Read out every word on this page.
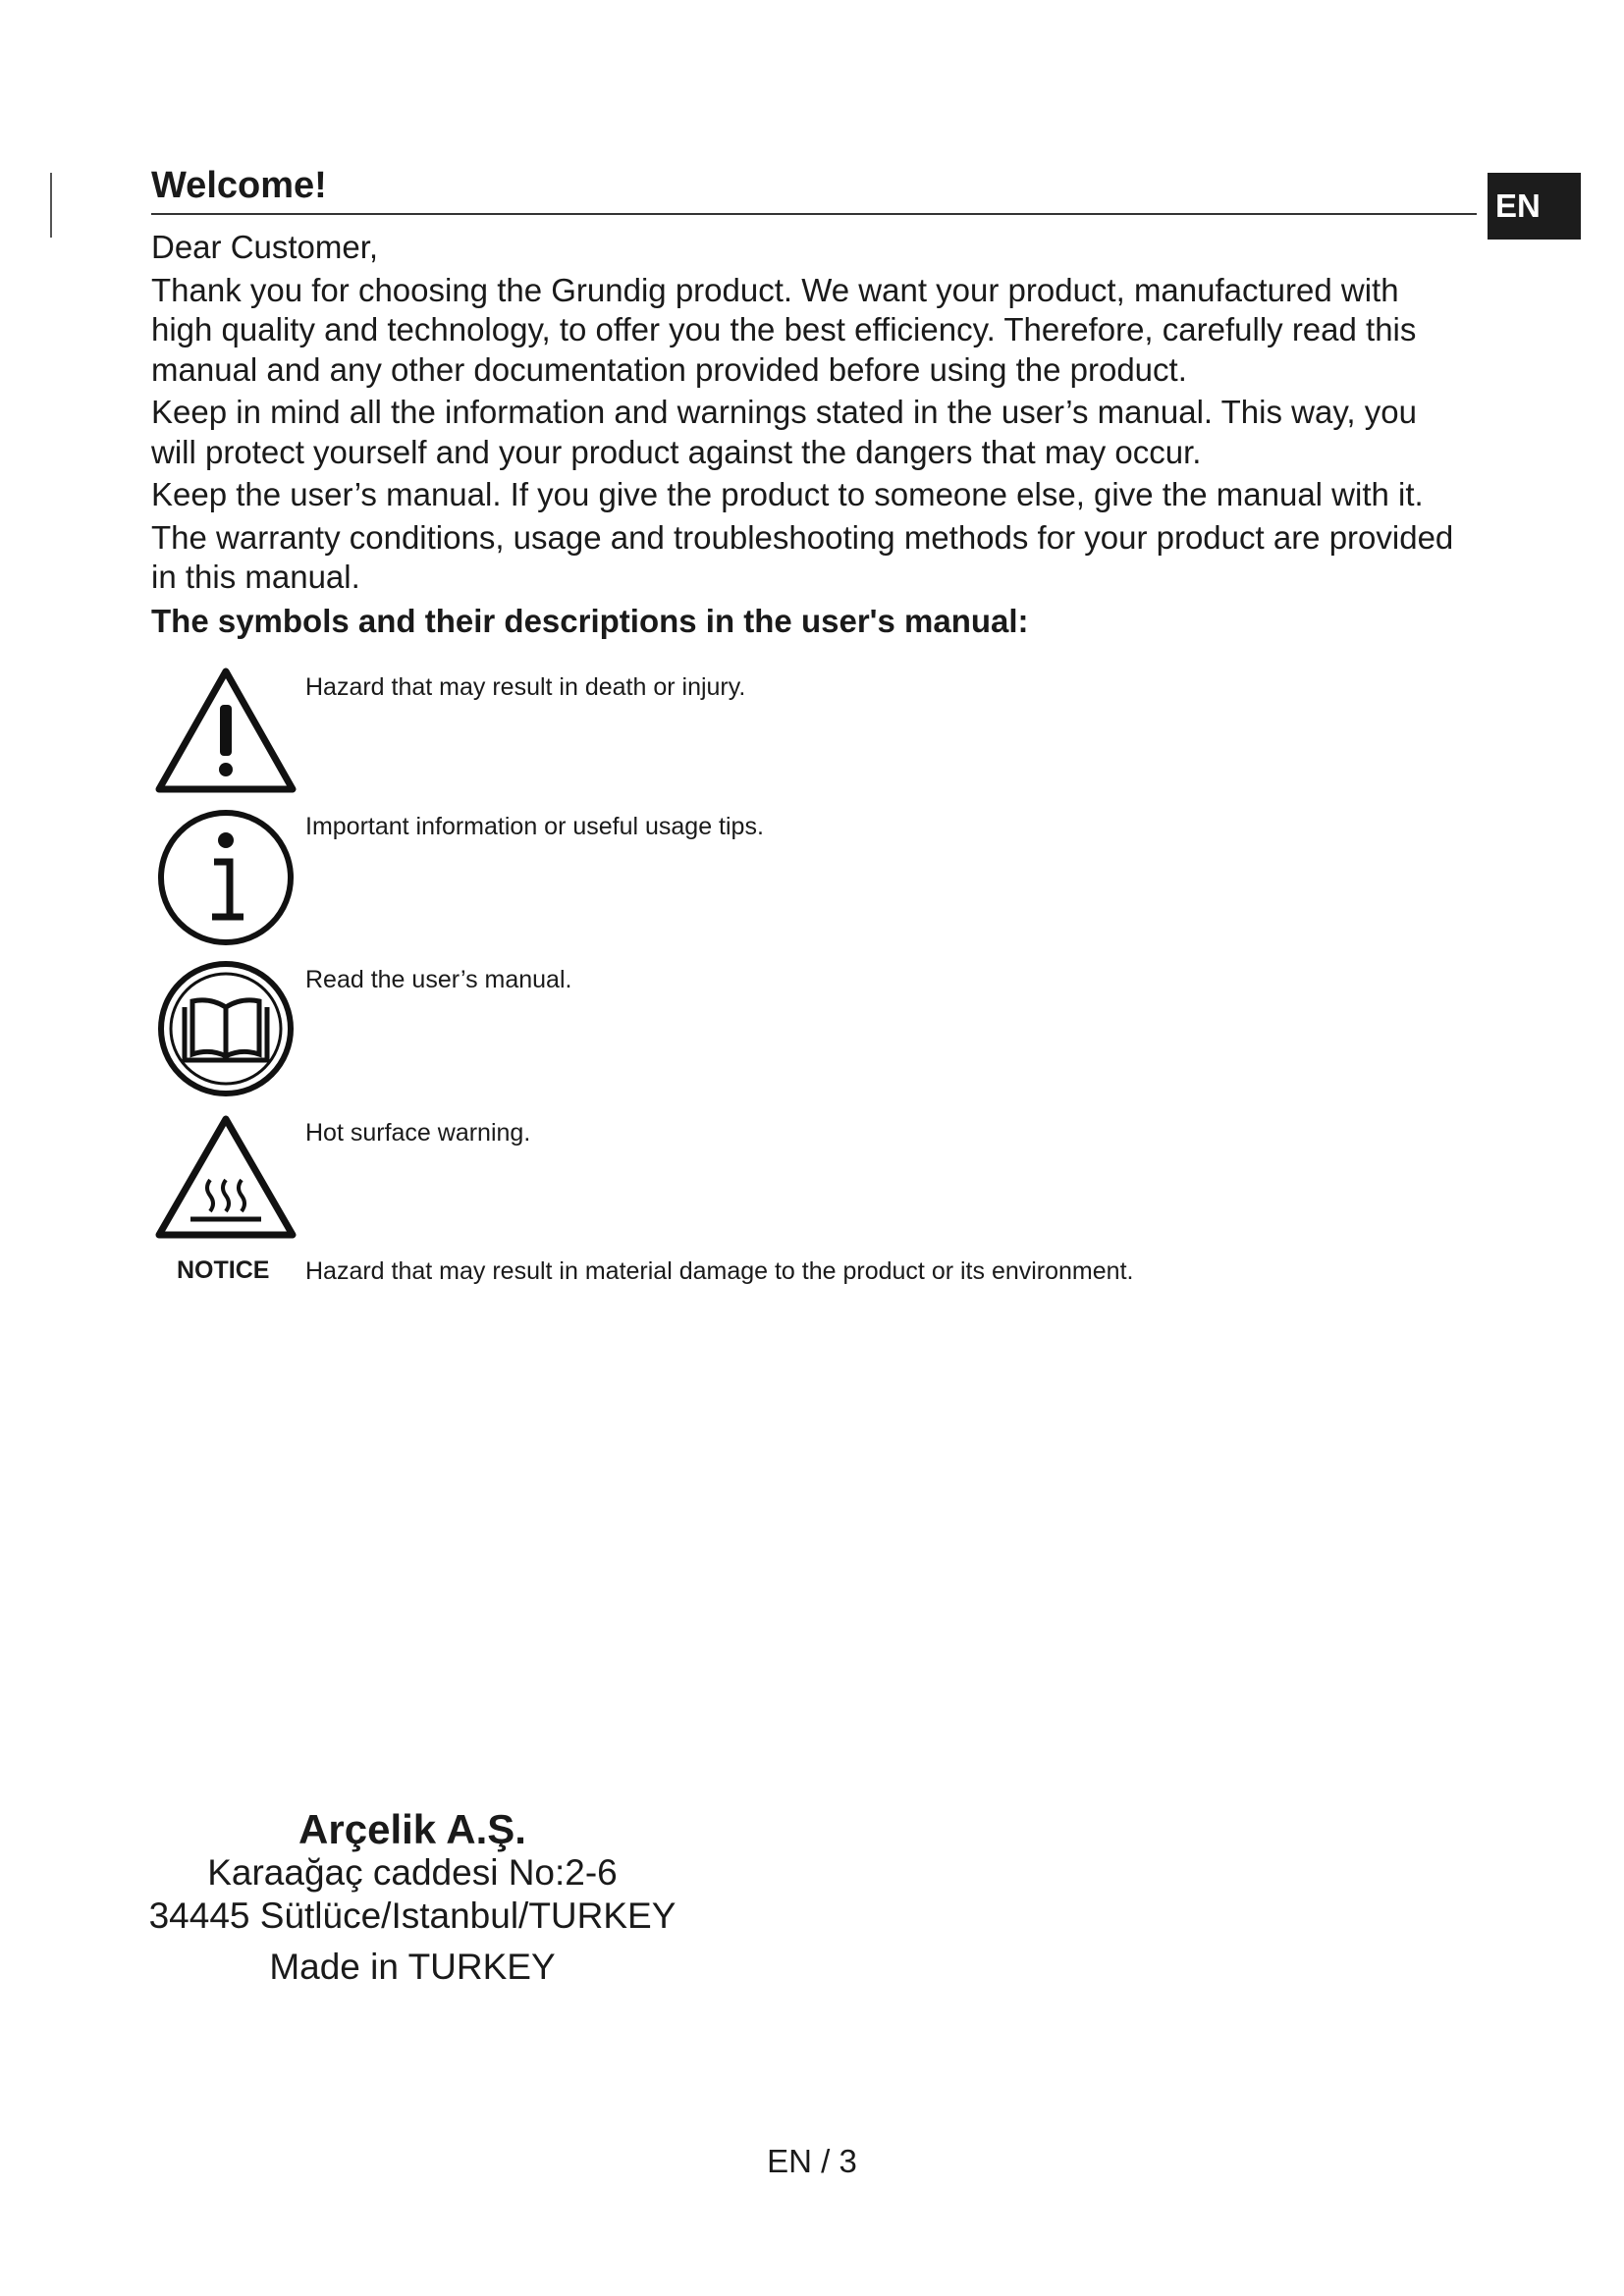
EN
Welcome!

Dear Customer,

Thank you for choosing the Grundig product. We want your product, manufactured with high quality and technology, to offer you the best efficiency. Therefore, carefully read this manual and any other documentation provided before using the product.

Keep in mind all the information and warnings stated in the user’s manual. This way, you will protect yourself and your product against the dangers that may occur.

Keep the user’s manual. If you give the product to someone else, give the manual with it.

The warranty conditions, usage and troubleshooting methods for your product are provided in this manual.

The symbols and their descriptions in the user's manual:
Hazard that may result in death or injury.
Important information or useful usage tips.
Read the user’s manual.
Hot surface warning.
NOTICE Hazard that may result in material damage to the product or its environment.
Arçelik A.Ş.
Karaağaç caddesi No:2-6
34445 Sütlüce/Istanbul/TURKEY
Made in TURKEY
EN / 3
